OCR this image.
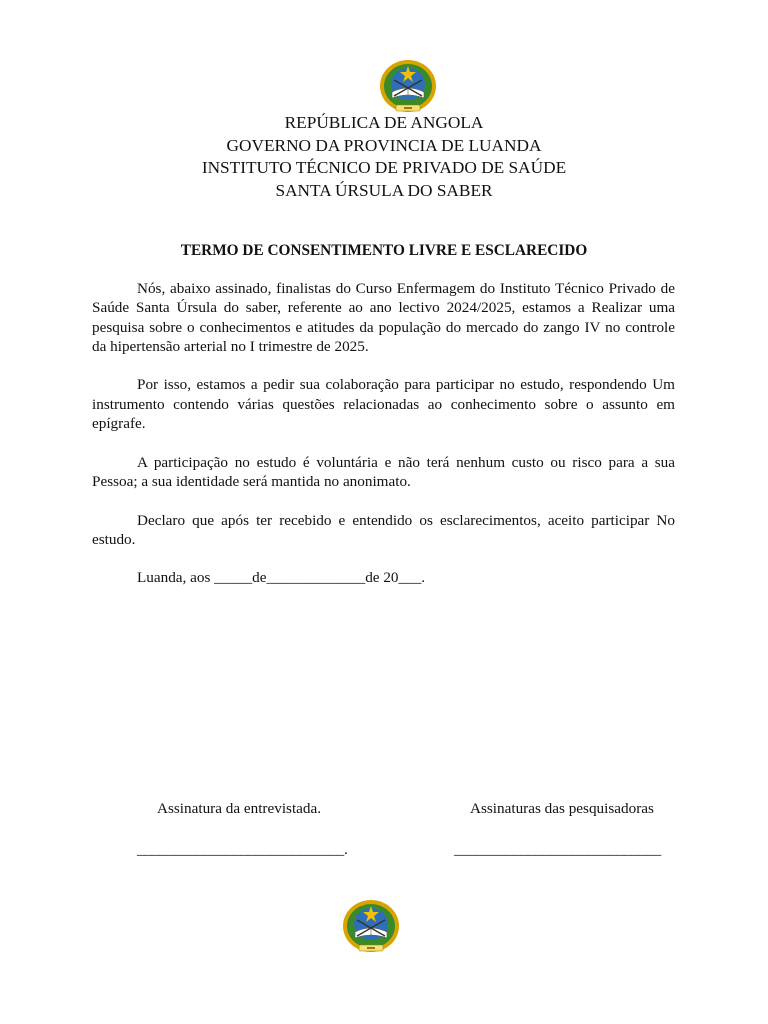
REPÚBLICA DE ANGOLA
GOVERNO DA PROVINCIA DE LUANDA
INSTITUTO TÉCNICO DE PRIVADO DE SAÚDE
SANTA ÚRSULA DO SABER
TERMO DE CONSENTIMENTO LIVRE E ESCLARECIDO

Nós, abaixo assinado, finalistas do Curso Enfermagem do Instituto Técnico Privado de Saúde Santa Úrsula do saber, referente ao ano lectivo 2024/2025, estamos a Realizar uma pesquisa sobre o conhecimentos e atitudes da população do mercado do zango IV no controle da hipertensão arterial no I trimestre de 2025.

Por isso, estamos a pedir sua colaboração para participar no estudo, respondendo Um instrumento contendo várias questões relacionadas ao conhecimento sobre o assunto em epígrafe.

A participação no estudo é voluntária e não terá nenhum custo ou risco para a sua Pessoa; a sua identidade será mantida no anonimato.

Declaro que após ter recebido e entendido os esclarecimentos, aceito participar No estudo.

Luanda, aos _____de_____________de 20___.

Assinatura da entrevistada.	Assinaturas das pesquisadoras
____________________________.	____________________________
